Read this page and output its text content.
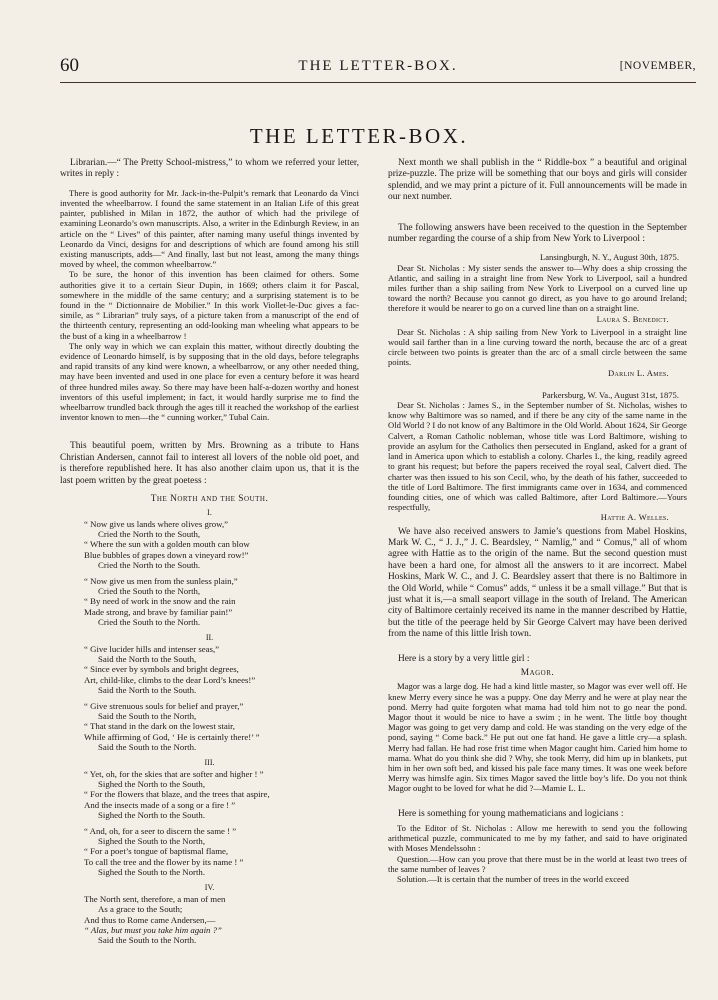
60	THE LETTER-BOX.	[NOVEMBER,
THE LETTER-BOX.

Librarian.—“ The Pretty School-mistress,” to whom we referred your letter, writes in reply :

There is good authority for Mr. Jack-in-the-Pulpit’s remark that Leonardo da Vinci invented the wheelbarrow. I found the same statement in an Italian Life of this great painter, published in Milan in 1872, the author of which had the privilege of examining Leonardo’s own manuscripts. Also, a writer in the Edinburgh Review, in an article on the “ Lives” of this painter, after naming many useful things invented by Leonardo da Vinci, designs for and descriptions of which are found among his still existing manuscripts, adds—“ And finally, last but not least, among the many things moved by wheel, the common wheelbarrow.”

To be sure, the honor of this invention has been claimed for others. Some authorities give it to a certain Sieur Dupin, in 1669; others claim it for Pascal, somewhere in the middle of the same century; and a surprising statement is to be found in the “ Dictionnaire de Mobilier.” In this work Viollet-le-Duc gives a fac-simile, as “ Librarian” truly says, of a picture taken from a manuscript of the end of the thirteenth century, representing an odd-looking man wheeling what appears to be the bust of a king in a wheelbarrow !

The only way in which we can explain this matter, without directly doubting the evidence of Leonardo himself, is by supposing that in the old days, before telegraphs and rapid transits of any kind were known, a wheelbarrow, or any other needed thing, may have been invented and used in one place for even a century before it was heard of three hundred miles away. So there may have been half-a-dozen worthy and honest inventors of this useful implement; in fact, it would hardly surprise me to find the wheelbarrow trundled back through the ages till it reached the workshop of the earliest inventor known to men—the “ cunning worker,” Tubal Cain.

This beautiful poem, written by Mrs. Browning as a tribute to Hans Christian Andersen, cannot fail to interest all lovers of the noble old poet, and is therefore republished here. It has also another claim upon us, that it is the last poem written by the great poetess :

The North and the South.
I.
“ Now give us lands where olives grow,”
Cried the North to the South,
“ Where the sun with a golden mouth can blow
Blue bubbles of grapes down a vineyard row!”
Cried the North to the South.
“ Now give us men from the sunless plain,”
Cried the South to the North,
“ By need of work in the snow and the rain
Made strong, and brave by familiar pain!”
Cried the South to the North.
II.
“ Give lucider hills and intenser seas,”
Said the North to the South,
“ Since ever by symbols and bright degrees,
Art, child-like, climbs to the dear Lord’s knees!”
Said the North to the South.
“ Give strenuous souls for belief and prayer,”
Said the South to the North,
“ That stand in the dark on the lowest stair,
While affirming of God, ‘ He is certainly there!’ ”
Said the South to the North.
III.
“ Yet, oh, for the skies that are softer and higher ! ”
Sighed the North to the South,
“ For the flowers that blaze, and the trees that aspire,
And the insects made of a song or a fire ! ”
Sighed the North to the South.
“ And, oh, for a seer to discern the same ! ”
Sighed the South to the North,
“ For a poet’s tongue of baptismal flame,
To call the tree and the flower by its name ! ”
Sighed the South to the North.
IV.
The North sent, therefore, a man of men
As a grace to the South;
And thus to Rome came Andersen,—
“ Alas, but must you take him again ?”
Said the South to the North.

Next month we shall publish in the “ Riddle-box ” a beautiful and original prize-puzzle. The prize will be something that our boys and girls will consider splendid, and we may print a picture of it. Full announcements will be made in our next number.

The following answers have been received to the question in the September number regarding the course of a ship from New York to Liverpool :

Lansingburgh, N. Y., August 30th, 1875.

Dear St. Nicholas : My sister sends the answer to—Why does a ship crossing the Atlantic, and sailing in a straight line from New York to Liverpool, sail a hundred miles further than a ship sailing from New York to Liverpool on a curved line up toward the north? Because you cannot go direct, as you have to go around Ireland; therefore it would be nearer to go on a curved line than on a straight line.

Laura S. Benedict.

Dear St. Nicholas : A ship sailing from New York to Liverpool in a straight line would sail farther than in a line curving toward the north, because the arc of a great circle between two points is greater than the arc of a small circle between the same points.

Darlin L. Ames.

Parkersburg, W. Va., August 31st, 1875.

Dear St. Nicholas : James S., in the September number of St. Nicholas, wishes to know why Baltimore was so named, and if there be any city of the same name in the Old World ? I do not know of any Baltimore in the Old World. About 1624, Sir George Calvert, a Roman Catholic nobleman, whose title was Lord Baltimore, wishing to provide an asylum for the Catholics then persecuted in England, asked for a grant of land in America upon which to establish a colony. Charles I., the king, readily agreed to grant his request; but before the papers received the royal seal, Calvert died. The charter was then issued to his son Cecil, who, by the death of his father, succeeded to the title of Lord Baltimore. The first immigrants came over in 1634, and commenced founding cities, one of which was called Baltimore, after Lord Baltimore.—Yours respectfully,

Hattie A. Welles.

We have also received answers to Jamie’s questions from Mabel Hoskins, Mark W. C., “ J. J.,” J. C. Beardsley, “ Namlig,” and “ Comus,” all of whom agree with Hattie as to the origin of the name. But the second question must have been a hard one, for almost all the answers to it are incorrect. Mabel Hoskins, Mark W. C., and J. C. Beardsley assert that there is no Baltimore in the Old World, while “ Comus” adds, “ unless it be a small village.” But that is just what it is,—a small seaport village in the south of Ireland. The American city of Baltimore certainly received its name in the manner described by Hattie, but the title of the peerage held by Sir George Calvert may have been derived from the name of this little Irish town.

Here is a story by a very little girl :

Magor.

Magor was a large dog. He had a kind little master, so Magor was ever well off. He knew Merry every since he was a puppy. One day Merry and he were at play near the pond. Merry had quite forgoten what mama had told him not to go near the pond. Magor thout it would be nice to have a swim ; in he went. The little boy thought Magor was going to get very damp and cold. He was standing on the very edge of the pond, saying “ Come back.” He put out one fat hand. He gave a little cry—a splash. Merry had fallan. He had rose frist time when Magor caught him. Caried him home to mama. What do you think she did ? Why, she took Merry, did him up in blankets, put him in her own soft bed, and kissed his pale face many times. It was one week before Merry was himslfe agin. Six times Magor saved the little boy’s life. Do you not think Magor ought to be loved for what he did ?—Mamie L. L.

Here is something for young mathematicians and logicians :

To the Editor of St. Nicholas : Allow me herewith to send you the following arithmetical puzzle, communicated to me by my father, and said to have originated with Moses Mendelssohn :

Question.—How can you prove that there must be in the world at least two trees of the same number of leaves ?

Solution.—It is certain that the number of trees in the world exceed
